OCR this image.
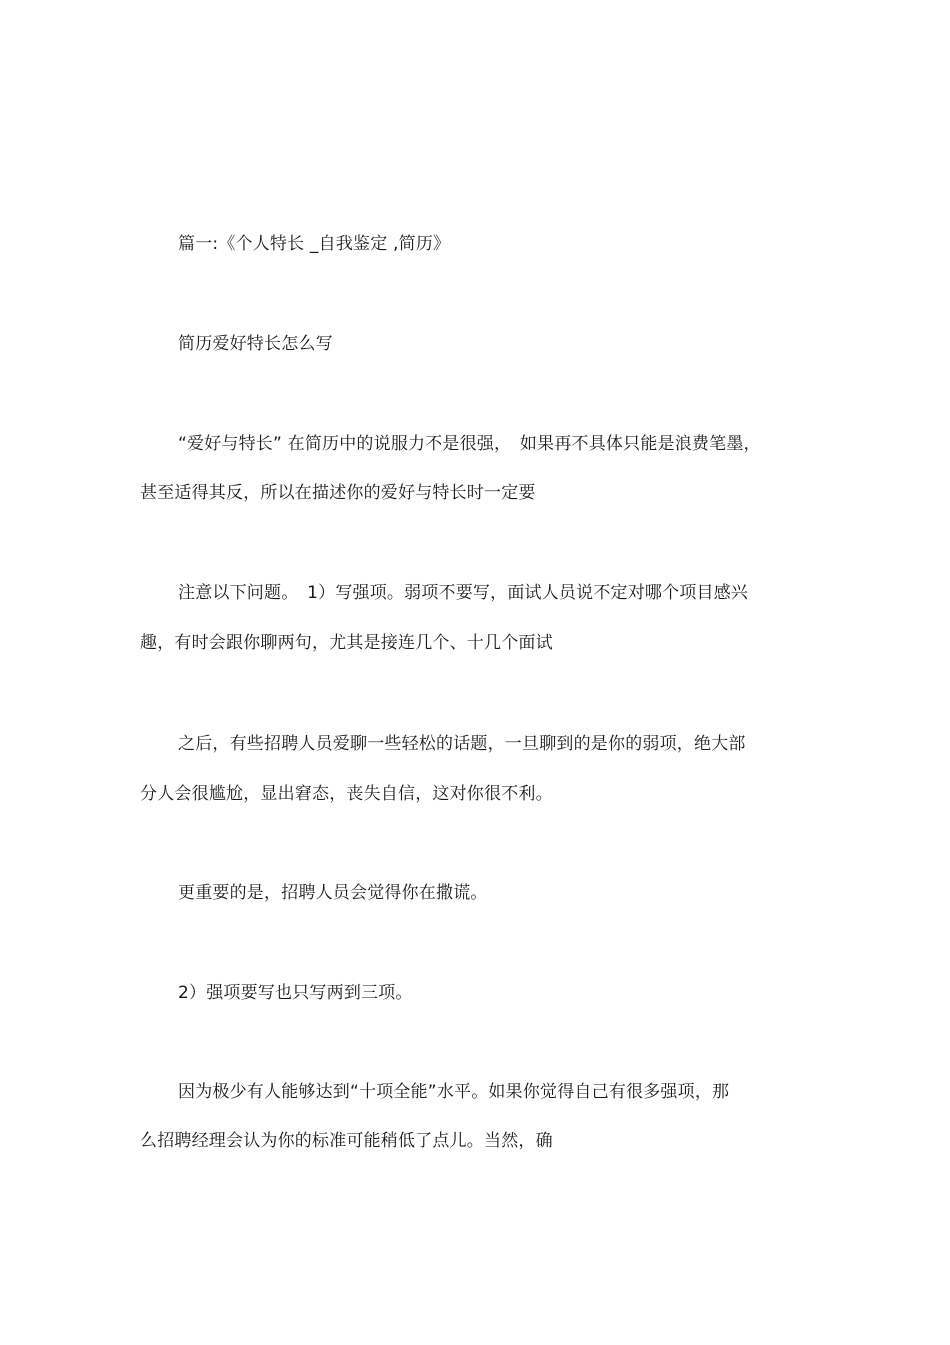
篇一:《个人特长 _自我鉴定 ,简历》
简历爱好特长怎么写
“爱好与特长” 在简历中的说服力不是很强，　如果再不具体只能是浪费笔墨，
甚至适得其反，所以在描述你的爱好与特长时一定要
注意以下问题。　1）写强项。弱项不要写，面试人员说不定对哪个项目感兴
趣，有时会跟你聊两句，尤其是接连几个、十几个面试
之后，有些招聘人员爱聊一些轻松的话题，一旦聊到的是你的弱项，绝大部
分人会很尴尬，显出窘态，丧失自信，这对你很不利。
更重要的是，招聘人员会觉得你在撒谎。
2）强项要写也只写两到三项。
因为极少有人能够达到“十项全能”水平。如果你觉得自己有很多强项，那
么招聘经理会认为你的标准可能稍低了点儿。当然，确
